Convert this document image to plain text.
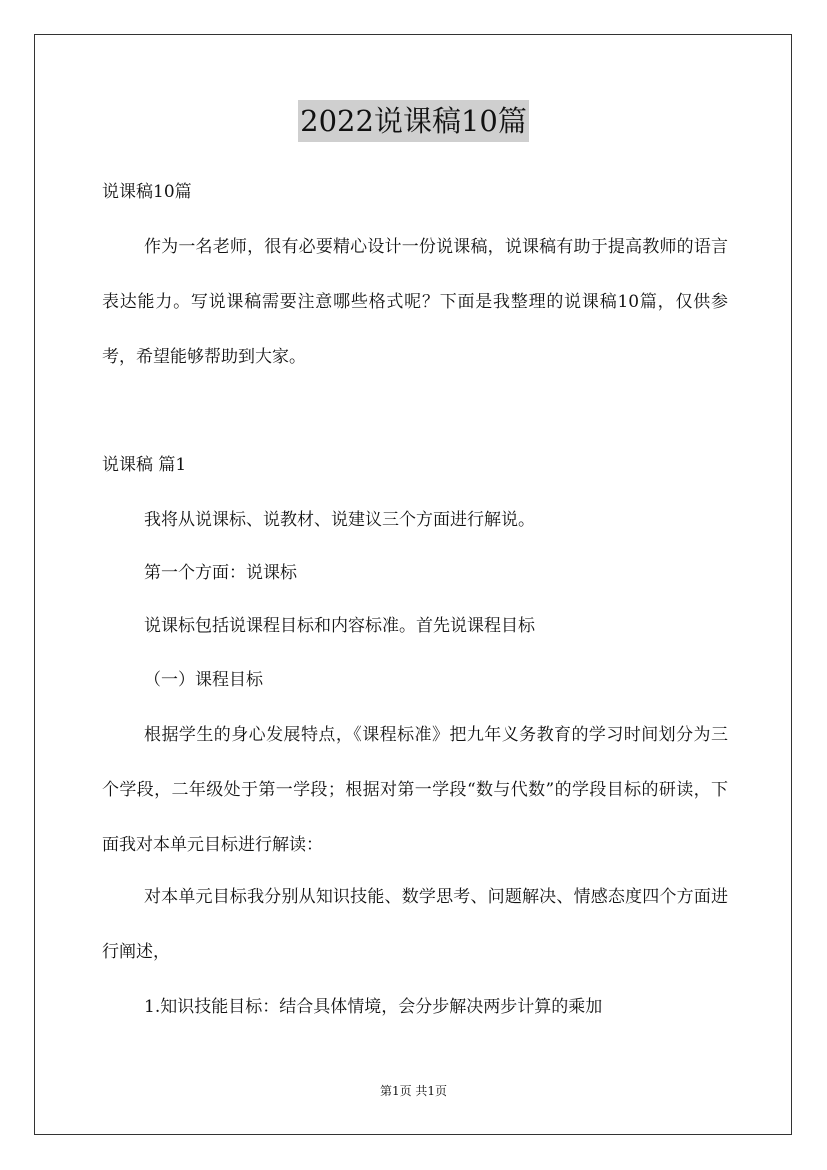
2022说课稿10篇
说课稿10篇
作为一名老师，很有必要精心设计一份说课稿，说课稿有助于提高教师的语言表达能力。写说课稿需要注意哪些格式呢？下面是我整理的说课稿10篇，仅供参考，希望能够帮助到大家。
说课稿 篇1
我将从说课标、说教材、说建议三个方面进行解说。
第一个方面：说课标
说课标包括说课程目标和内容标准。首先说课程目标
（一）课程目标
根据学生的身心发展特点，《课程标准》把九年义务教育的学习时间划分为三个学段，二年级处于第一学段；根据对第一学段“数与代数”的学段目标的研读，下面我对本单元目标进行解读：
对本单元目标我分别从知识技能、数学思考、问题解决、情感态度四个方面进行阐述，
1.知识技能目标：结合具体情境，会分步解决两步计算的乘加
第1页 共1页
